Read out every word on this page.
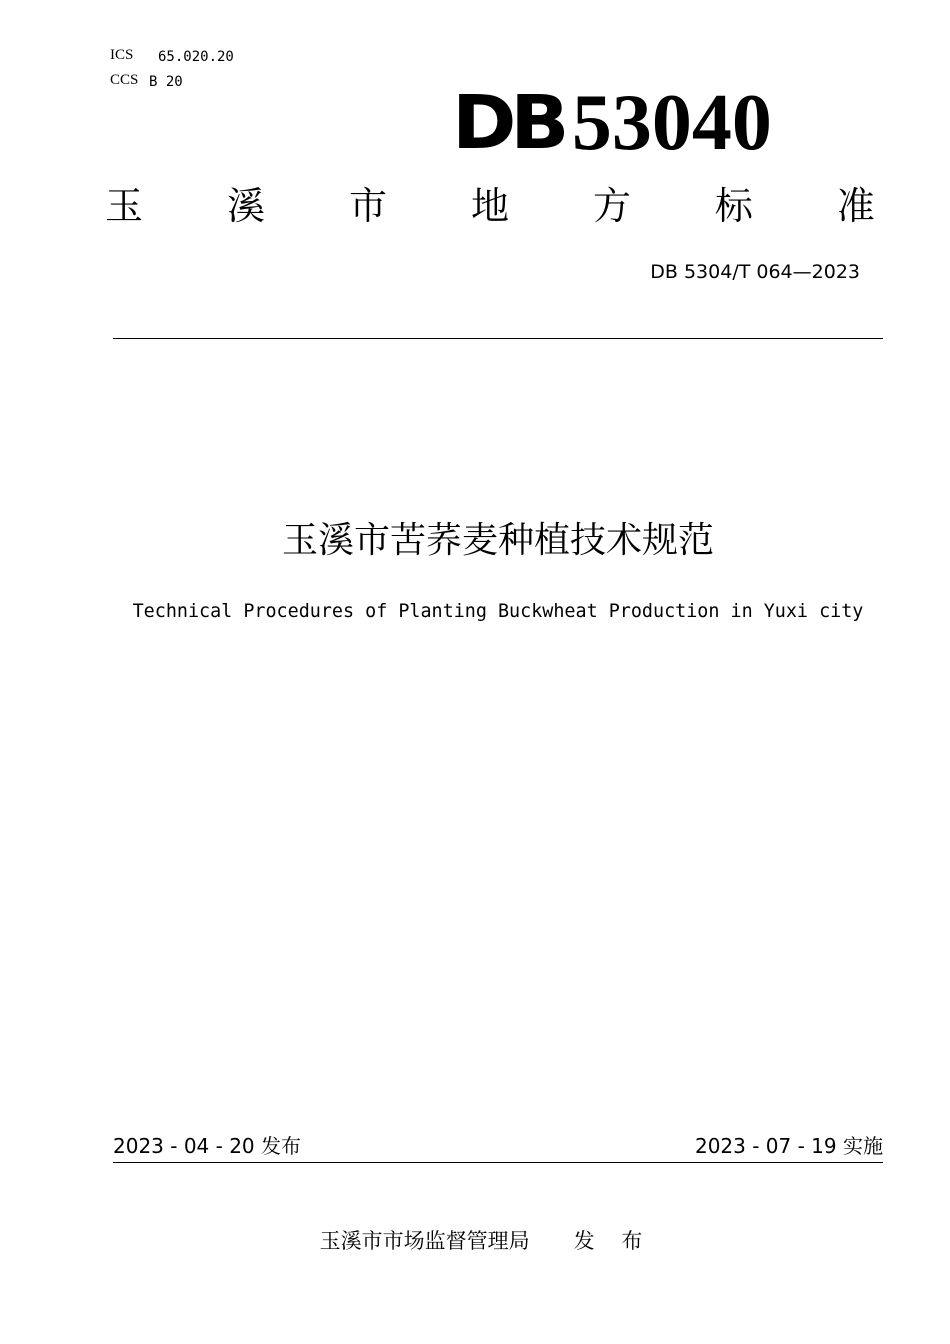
ICS 65.020.20
CCS B 20	DB 53040
玉 溪 市 地 方 标 准
DB 5304/T 064—2023
玉溪市苦荞麦种植技术规范
Technical Procedures of Planting Buckwheat Production in Yuxi city
2023 - 04 - 20 发布	2023 - 07 - 19 实施
玉溪市市场监督管理局 发 布
